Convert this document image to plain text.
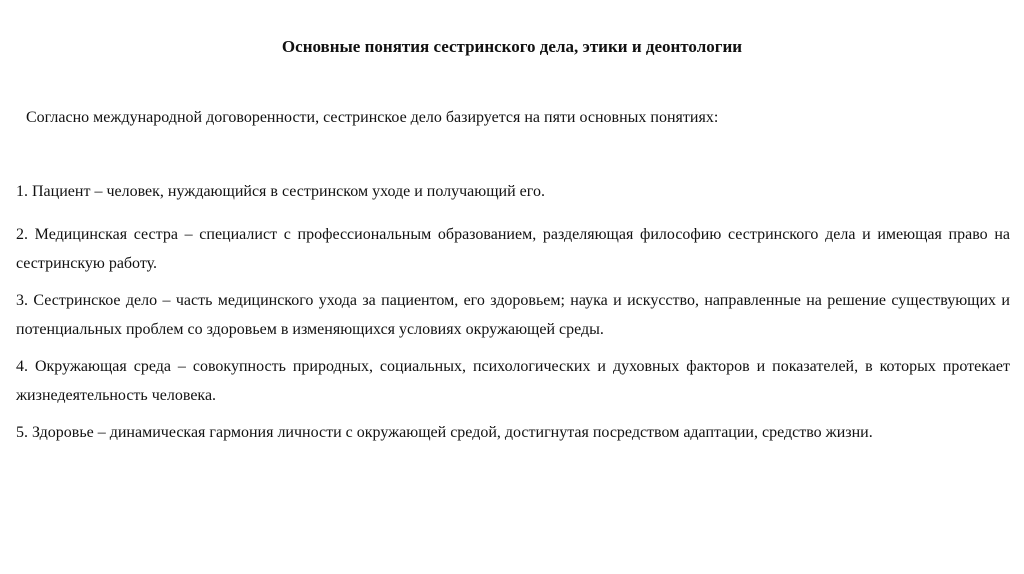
Основные понятия сестринского дела, этики и деонтологии
Согласно международной договоренности, сестринское дело базируется на пяти основных понятиях:

1. Пациент – человек, нуждающийся в сестринском уходе и получающий его.

2. Медицинская сестра – специалист с профессиональным образованием, разделяющая философию сестринского дела и имеющая право на сестринскую работу.

3. Сестринское дело – часть медицинского ухода за пациентом, его здоровьем; наука и искусство, направленные на решение существующих и потенциальных проблем со здоровьем в изменяющихся условиях окружающей среды.

4. Окружающая среда – совокупность природных, социальных, психологических и духовных факторов и показателей, в которых протекает жизнедеятельность человека.

5. Здоровье – динамическая гармония личности с окружающей средой, достигнутая посредством адаптации, средство жизни.
